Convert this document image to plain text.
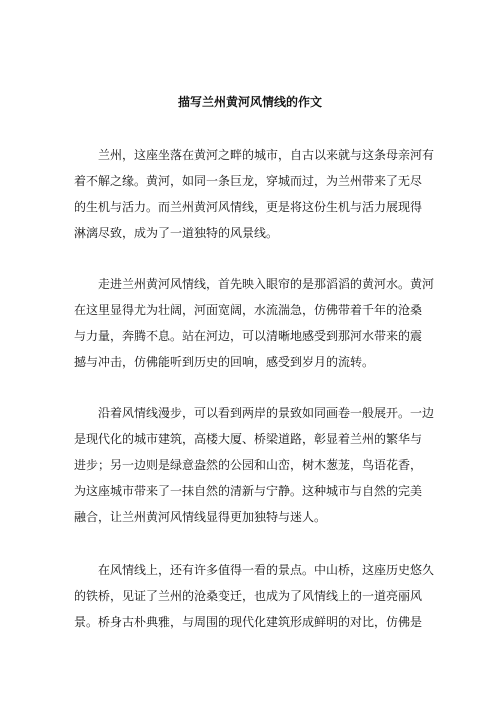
描写兰州黄河风情线的作文
　　兰州，这座坐落在黄河之畔的城市，自古以来就与这条母亲河有
着不解之缘。黄河，如同一条巨龙，穿城而过，为兰州带来了无尽
的生机与活力。而兰州黄河风情线，更是将这份生机与活力展现得
淋漓尽致，成为了一道独特的风景线。
　　走进兰州黄河风情线，首先映入眼帘的是那滔滔的黄河水。黄河
在这里显得尤为壮阔，河面宽阔，水流湍急，仿佛带着千年的沧桑
与力量，奔腾不息。站在河边，可以清晰地感受到那河水带来的震
撼与冲击，仿佛能听到历史的回响，感受到岁月的流转。
　　沿着风情线漫步，可以看到两岸的景致如同画卷一般展开。一边
是现代化的城市建筑，高楼大厦、桥梁道路，彰显着兰州的繁华与
进步；另一边则是绿意盎然的公园和山峦，树木葱茏，鸟语花香，
为这座城市带来了一抹自然的清新与宁静。这种城市与自然的完美
融合，让兰州黄河风情线显得更加独特与迷人。
　　在风情线上，还有许多值得一看的景点。中山桥，这座历史悠久
的铁桥，见证了兰州的沧桑变迁，也成为了风情线上的一道亮丽风
景。桥身古朴典雅，与周围的现代化建筑形成鲜明的对比，仿佛是
